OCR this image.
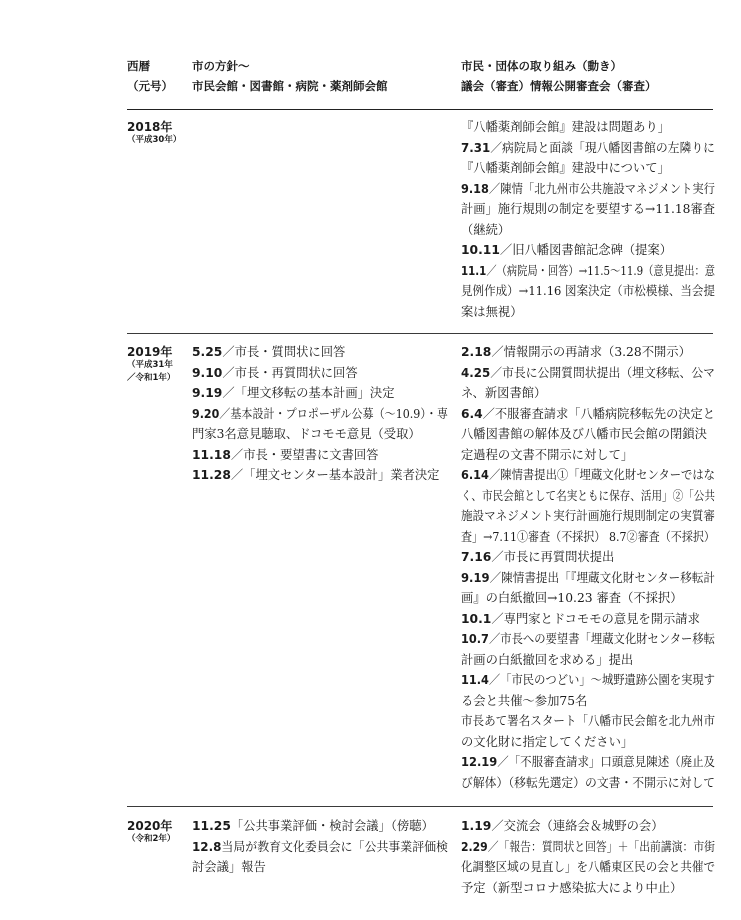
西暦
（元号）
市の方針〜
市民会館・図書館・病院・薬剤師会館
市民・団体の取り組み（動き）
議会（審査）情報公開審査会（審査）
2018年
（平成30年）
『八幡薬剤師会館』建設は問題あり」
7.31／病院局と面談「現八幡図書館の左隣りに
『八幡薬剤師会館』建設中について」
9.18／陳情「北九州市公共施設マネジメント実行
計画」施行規則の制定を要望する→11.18審査
（継続）
10.11／旧八幡図書館記念碑（提案）
11.1／（病院局・回答）→11.5〜11.9（意見提出：意
見例作成）→11.16 図案決定（市松模様、当会提
案は無視）
2019年
（平成31年
／令和1年）
5.25／市長・質問状に回答
9.10／市長・再質問状に回答
9.19／「埋文移転の基本計画」決定
9.20／基本設計・プロポーザル公募（〜10.9）・専
門家3名意見聴取、ドコモモ意見（受取）
11.18／市長・要望書に文書回答
11.28／「埋文センター基本設計」業者決定
2.18／情報開示の再請求（3.28不開示）
4.25／市長に公開質問状提出（埋文移転、公マ
ネ、新図書館）
6.4／不服審査請求「八幡病院移転先の決定と
八幡図書館の解体及び八幡市民会館の閉鎖決
定過程の文書不開示に対して」
6.14／陳情書提出①「埋蔵文化財センターではな
く、市民会館として名実ともに保存、活用」②「公共
施設マネジメント実行計画施行規則制定の実質審
査」→7.11①審査（不採択） 8.7②審査（不採択）
7.16／市長に再質問状提出
9.19／陳情書提出「『埋蔵文化財センター移転計
画』の白紙撤回→10.23 審査（不採択）
10.1／専門家とドコモモの意見を開示請求
10.7／市長への要望書「埋蔵文化財センター移転
計画の白紙撤回を求める」提出
11.4／「市民のつどい」〜城野遺跡公園を実現す
る会と共催〜参加75名
市長あて署名スタート「八幡市民会館を北九州市
の文化財に指定してください」
12.19／「不服審査請求」口頭意見陳述（廃止及
び解体）（移転先選定）の文書・不開示に対して
2020年
（令和2年）
11.25「公共事業評価・検討会議」（傍聴）
12.8当局が教育文化委員会に「公共事業評価検
討会議」報告
1.19／交流会（連絡会＆城野の会）
2.29／「報告：質問状と回答」＋「出前講演：市街
化調整区域の見直し」を八幡東区民の会と共催で
予定（新型コロナ感染拡大により中止）
